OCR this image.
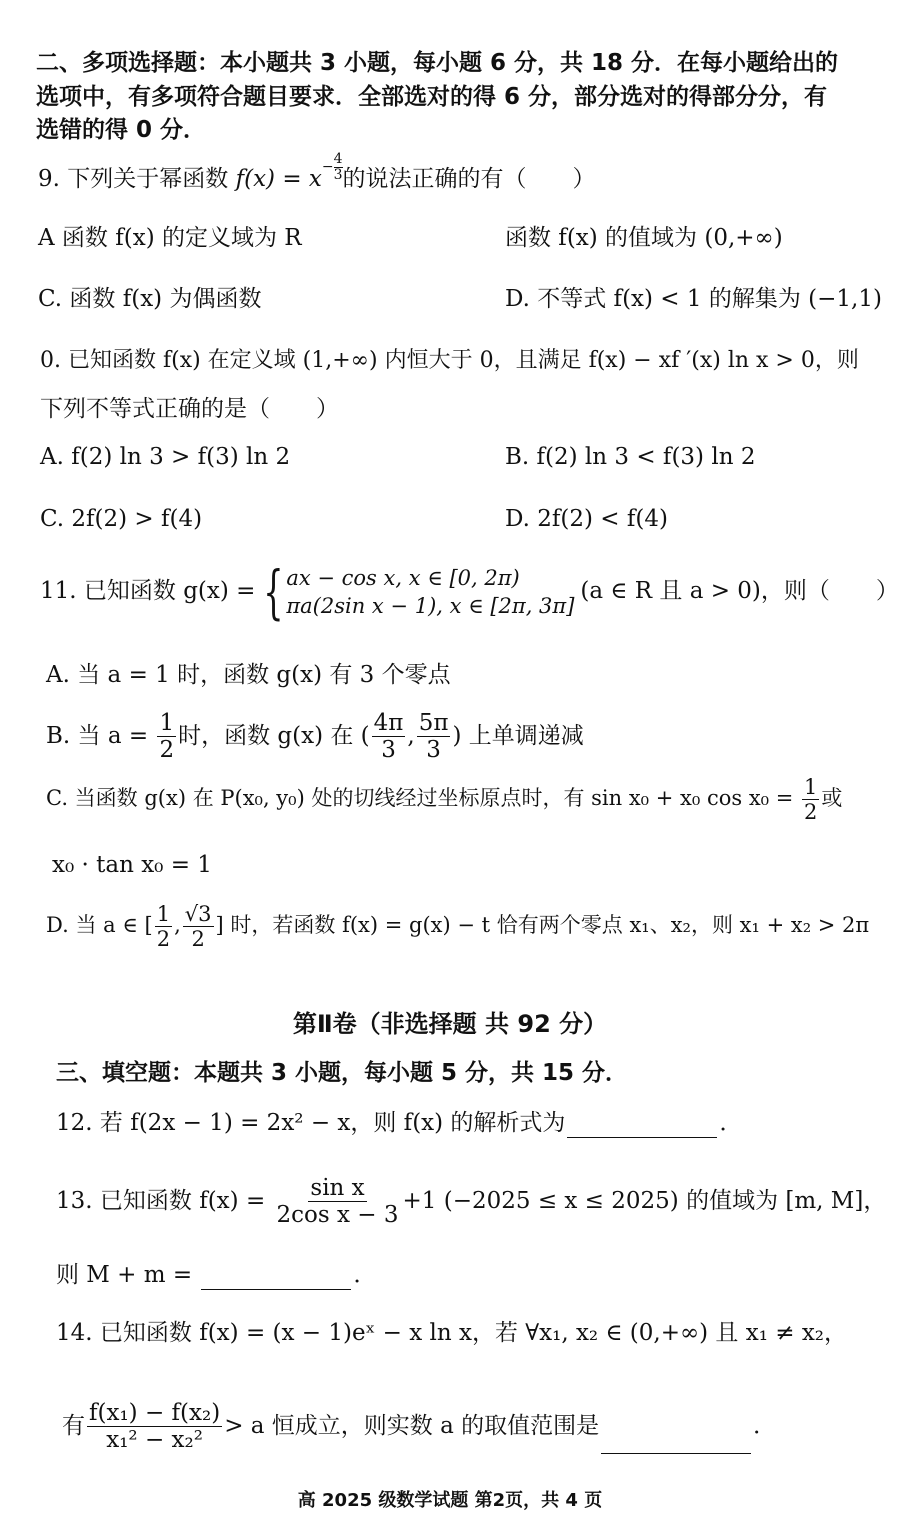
二、多项选择题：本小题共 3 小题，每小题 6 分，共 18 分．在每小题给出的
选项中，有多项符合题目要求．全部选对的得 6 分，部分选对的得部分分，有
选错的得 0 分．
9. 下列关于幂函数 $f(x) = x - \frac{4}{3}$ 的说法正确的有（　　）
A 函数 f(x) 的定义域为 R	函数 f(x) 的值域为 (0,+∞)
C. 函数 f(x) 为偶函数	D. 不等式 f(x) < 1 的解集为 (−1,1)
0. 已知函数 f(x) 在定义域 (1,+∞) 内恒大于 0，且满足 f(x) − xf ′(x) ln x > 0，则
下列不等式正确的是（　　）
A. f(2) ln 3 > f(3) ln 2	B. f(2) ln 3 < f(3) ln 2
C. 2f(2) > f(4)	D. 2f(2) < f(4)
11. 已知函数 g(x) = { ax − cos x, x ∈ [0, 2π)
πa(2sin x − 1), x ∈ [2π, 3π]
(a ∈ R 且 a > 0)，则（　　）
A. 当 a = 1 时，函数 g(x) 有 3 个零点
B. 当 $a = \frac{1}{2}$ 时，函数 g(x) 在 ( $\frac{4\pi}{3}$ , $\frac{5\pi}{3}$ ) 上单调递减
C. 当函数 g(x) 在 P(x₀, y₀) 处的切线经过坐标原点时，有 sin x₀ + x₀ $\cos x_0 = \frac{1}{2}$ 或
x₀ · tan x₀ = 1
D. 当 a ∈ [ $\frac{1}{2}$ , $\frac{√3}{2}$ ] 时，若函数 f(x) = g(x) − t 恰有两个零点 x₁、x₂，则 x₁ + x₂ > 2π
第Ⅱ卷（非选择题 共 92 分）
三、填空题：本题共 3 小题，每小题 5 分，共 15 分．
12. 若 f(2x − 1) = 2x² − x，则 f(x) 的解析式为	．
13. 已知函数 $f(x) = \frac{\text{sin x}}{\text{2cos x − 3}} +1$ (−2025 ≤ x ≤ 2025) 的值域为 [m, M]，
则 M + m =	．
14. 已知函数 f(x) = (x − 1)eˣ − x ln x，若 ∀x₁, x₂ ∈ (0,+∞) 且 x₁ ≠ x₂，
有 $\frac{\text{f(x₁) − f(x₂)}}{\text{x₁² − x₂²}} > a$ 恒成立，则实数 a 的取值范围是	．
高 2025 级数学试题 第2页，共 4 页
